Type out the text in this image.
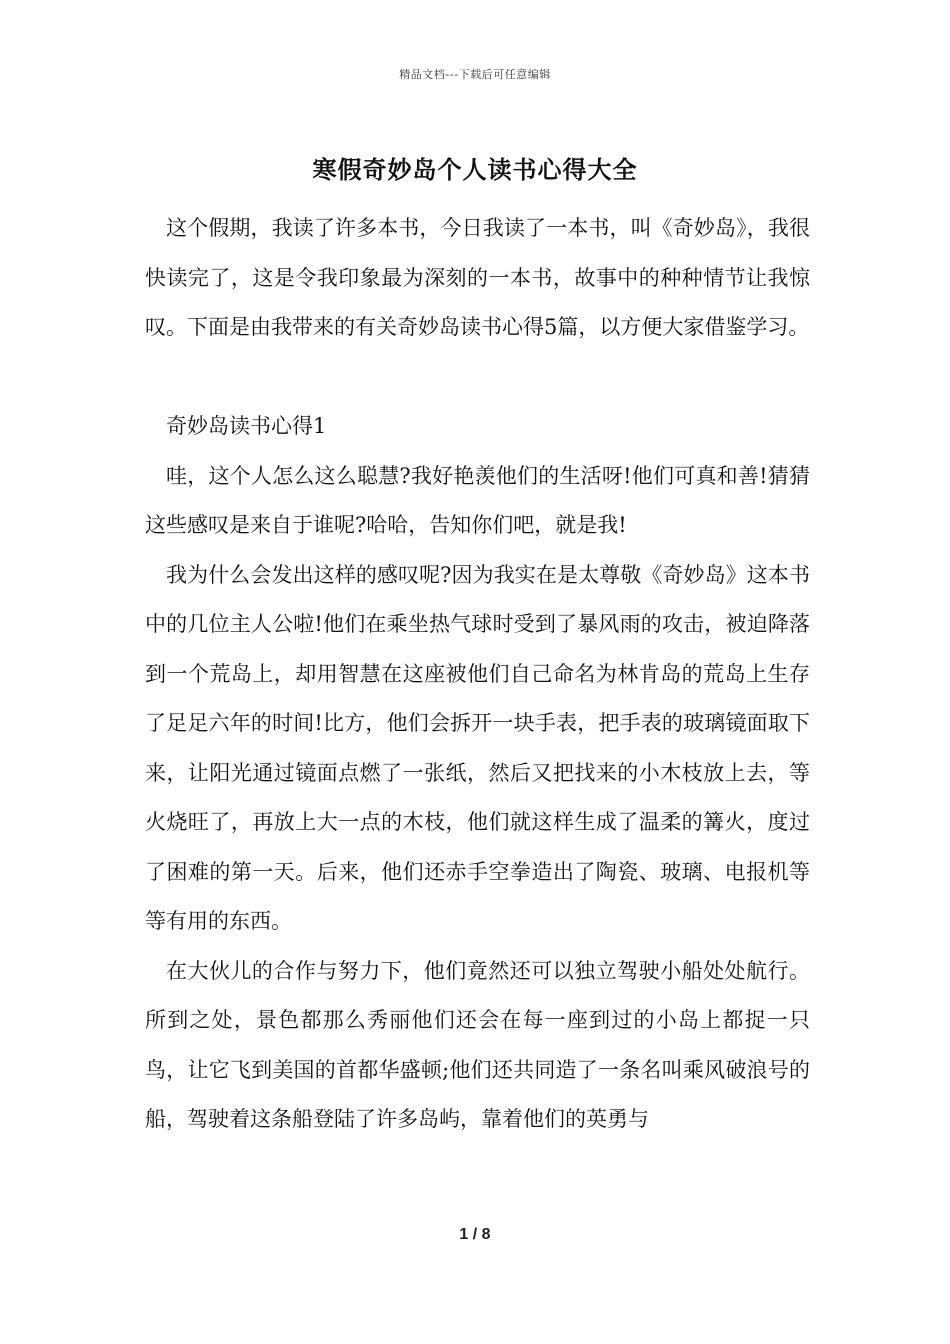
精品文档---下载后可任意编辑
寒假奇妙岛个人读书心得大全

这个假期，我读了许多本书，今日我读了一本书，叫《奇妙岛》，我很快读完了，这是令我印象最为深刻的一本书，故事中的种种情节让我惊叹。下面是由我带来的有关奇妙岛读书心得5篇，以方便大家借鉴学习。

奇妙岛读书心得1

哇，这个人怎么这么聪慧?我好艳羡他们的生活呀!他们可真和善!猜猜这些感叹是来自于谁呢?哈哈，告知你们吧，就是我!

我为什么会发出这样的感叹呢?因为我实在是太尊敬《奇妙岛》这本书中的几位主人公啦!他们在乘坐热气球时受到了暴风雨的攻击，被迫降落到一个荒岛上，却用智慧在这座被他们自己命名为林肯岛的荒岛上生存了足足六年的时间!比方，他们会拆开一块手表，把手表的玻璃镜面取下来，让阳光通过镜面点燃了一张纸，然后又把找来的小木枝放上去，等火烧旺了，再放上大一点的木枝，他们就这样生成了温柔的篝火，度过了困难的第一天。后来，他们还赤手空拳造出了陶瓷、玻璃、电报机等等有用的东西。

在大伙儿的合作与努力下，他们竟然还可以独立驾驶小船处处航行。所到之处，景色都那么秀丽他们还会在每一座到过的小岛上都捉一只鸟，让它飞到美国的首都华盛顿;他们还共同造了一条名叫乘风破浪号的船，驾驶着这条船登陆了许多岛屿，靠着他们的英勇与

1 / 8
